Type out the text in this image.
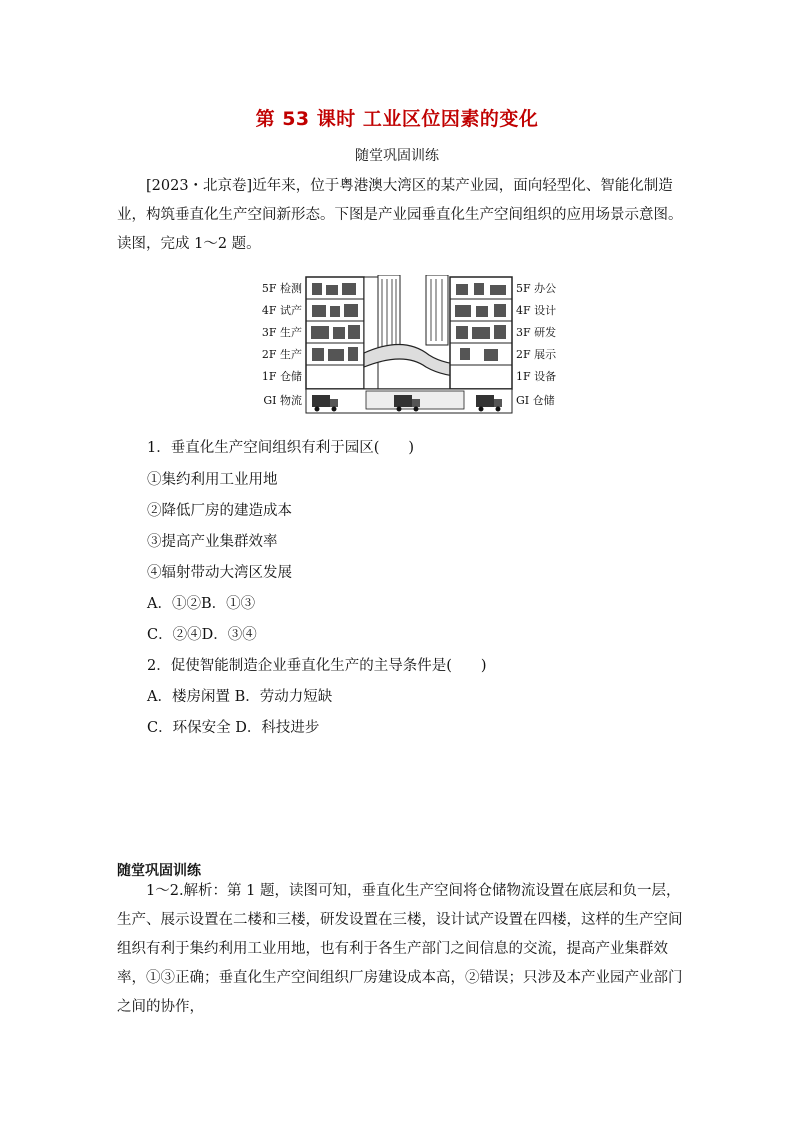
第 53 课时 工业区位因素的变化
随堂巩固训练

[2023・北京卷]近年来，位于粤港澳大湾区的某产业园，面向轻型化、智能化制造业，构筑垂直化生产空间新形态。下图是产业园垂直化生产空间组织的应用场景示意图。读图，完成 1～2 题。

5F 检测
4F 试产
3F 生产
2F 生产
1F 仓储
GI 物流
5F 办公
4F 设计
3F 研发
2F 展示
1F 设备
GI 仓储
1．垂直化生产空间组织有利于园区(　　)
①集约利用工业用地
②降低厂房的建造成本
③提高产业集群效率
④辐射带动大湾区发展
A．①②B．①③
C．②④D．③④
2．促使智能制造企业垂直化生产的主导条件是(　　)
A．楼房闲置 B．劳动力短缺
C．环保安全 D．科技进步
随堂巩固训练

1～2.解析：第 1 题，读图可知，垂直化生产空间将仓储物流设置在底层和负一层，生产、展示设置在二楼和三楼，研发设置在三楼，设计试产设置在四楼，这样的生产空间组织有利于集约利用工业用地，也有利于各生产部门之间信息的交流，提高产业集群效率，①③正确；垂直化生产空间组织厂房建设成本高，②错误；只涉及本产业园产业部门之间的协作，
